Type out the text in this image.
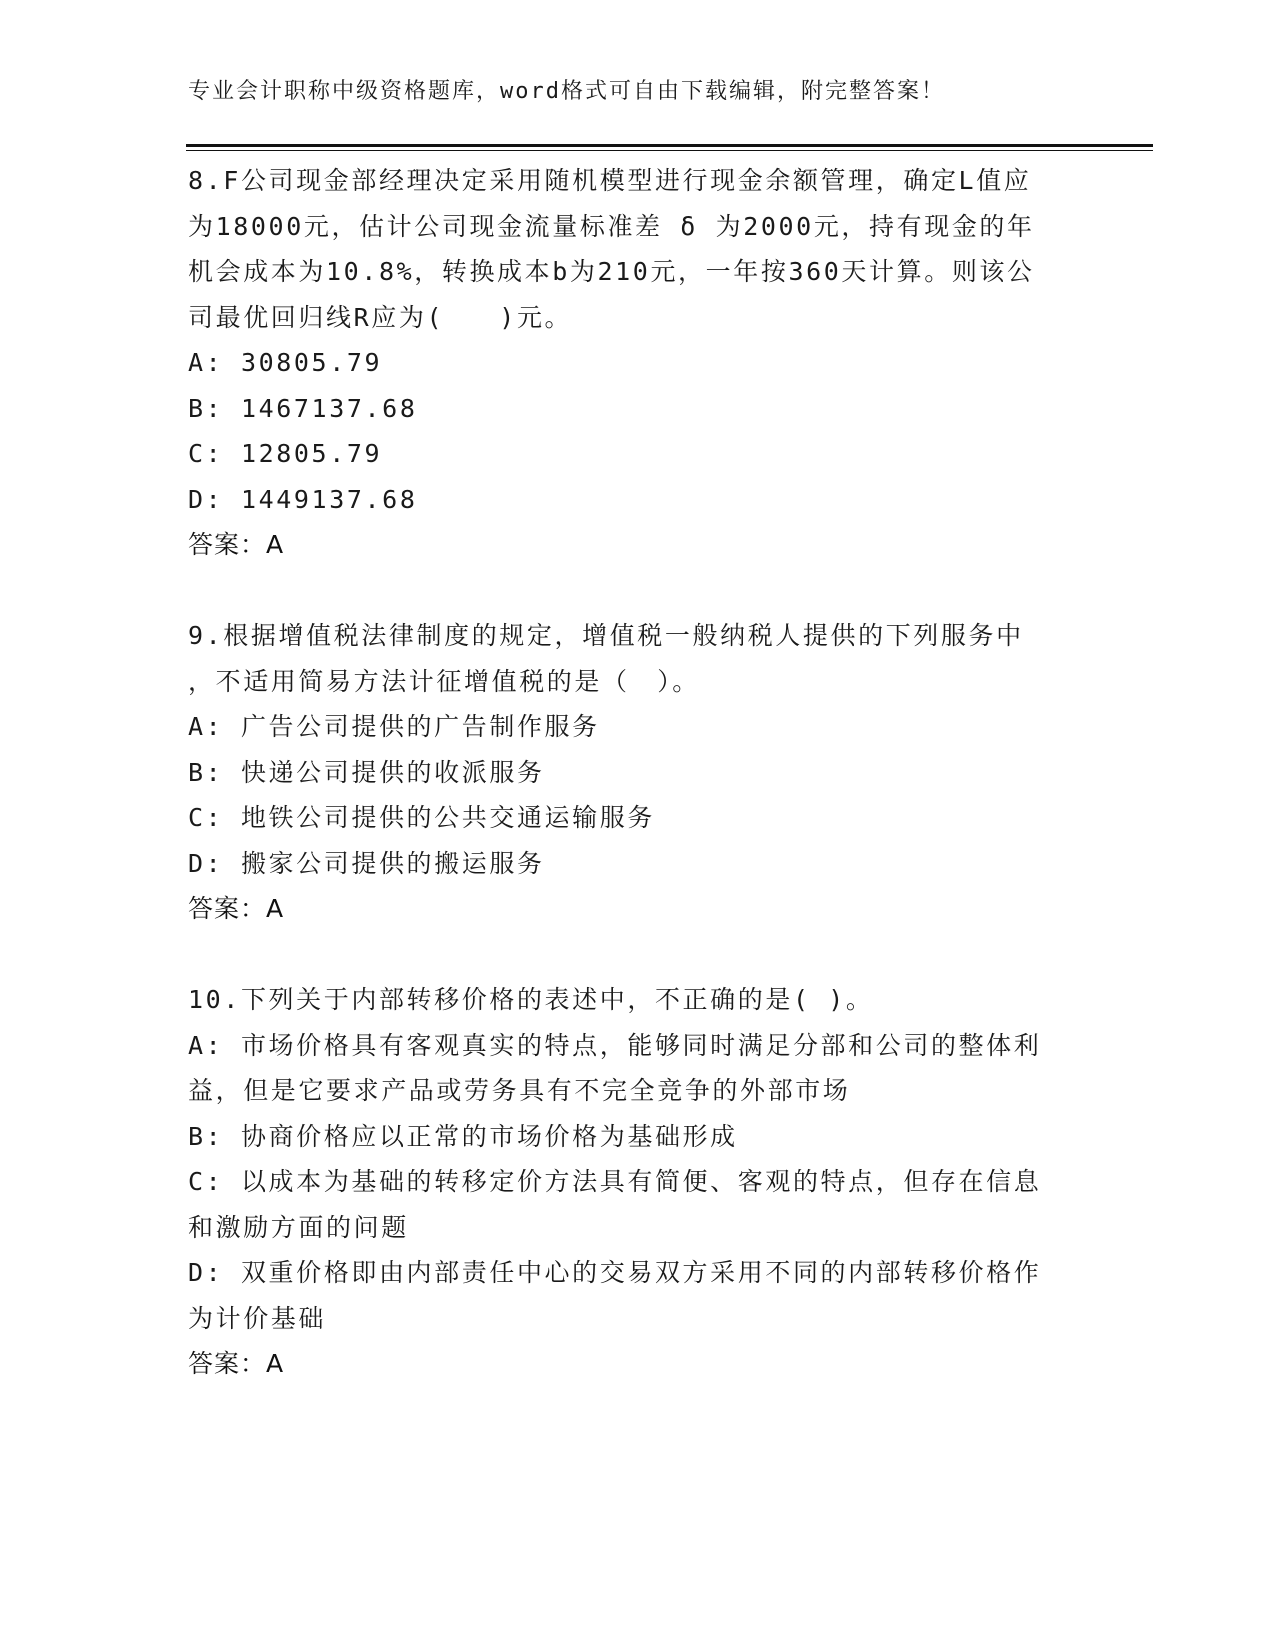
专业会计职称中级资格题库，word格式可自由下载编辑，附完整答案！
8.F公司现金部经理决定采用随机模型进行现金余额管理，确定L值应
为18000元，估计公司现金流量标准差 δ 为2000元，持有现金的年
机会成本为10.8%，转换成本b为210元，一年按360天计算。则该公
司最优回归线R应为(　　)元。
A: 30805.79
B: 1467137.68
C: 12805.79
D: 1449137.68
答案：A
9.根据增值税法律制度的规定，增值税一般纳税人提供的下列服务中
，不适用简易方法计征增值税的是（　）。
A: 广告公司提供的广告制作服务
B: 快递公司提供的收派服务
C: 地铁公司提供的公共交通运输服务
D: 搬家公司提供的搬运服务
答案：A
10.下列关于内部转移价格的表述中，不正确的是( )。
A: 市场价格具有客观真实的特点，能够同时满足分部和公司的整体利
益，但是它要求产品或劳务具有不完全竞争的外部市场
B: 协商价格应以正常的市场价格为基础形成
C: 以成本为基础的转移定价方法具有简便、客观的特点，但存在信息
和激励方面的问题
D: 双重价格即由内部责任中心的交易双方采用不同的内部转移价格作
为计价基础
答案：A
